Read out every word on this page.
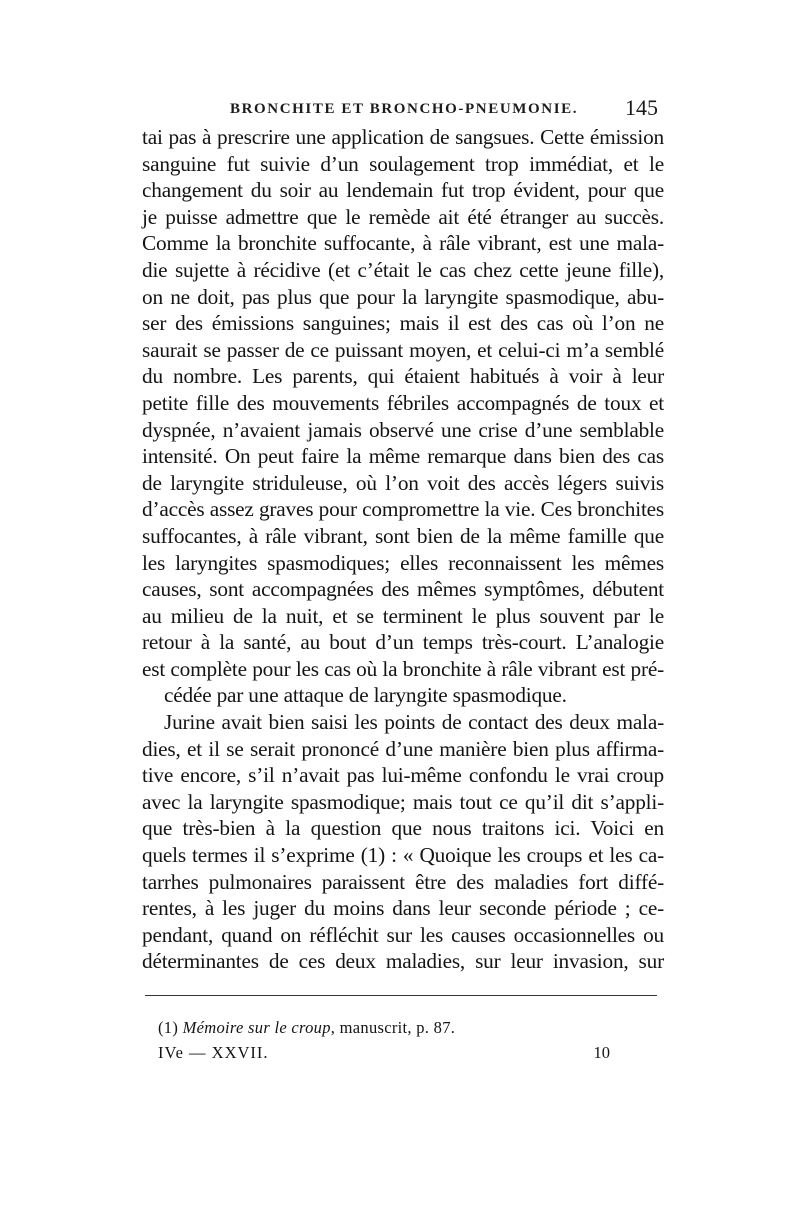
BRONCHITE ET BRONCHO-PNEUMONIE. 145
tai pas à prescrire une application de sangsues. Cette émission
sanguine fut suivie d’un soulagement trop immédiat, et le
changement du soir au lendemain fut trop évident, pour que
je puisse admettre que le remède ait été étranger au succès.
Comme la bronchite suffocante, à râle vibrant, est une mala-
die sujette à récidive (et c’était le cas chez cette jeune fille),
on ne doit, pas plus que pour la laryngite spasmodique, abu-
ser des émissions sanguines; mais il est des cas où l’on ne
saurait se passer de ce puissant moyen, et celui-ci m’a semblé
du nombre. Les parents, qui étaient habitués à voir à leur
petite fille des mouvements fébriles accompagnés de toux et
dyspnée, n’avaient jamais observé une crise d’une semblable
intensité. On peut faire la même remarque dans bien des cas
de laryngite striduleuse, où l’on voit des accès légers suivis
d’accès assez graves pour compromettre la vie. Ces bronchites
suffocantes, à râle vibrant, sont bien de la même famille que
les laryngites spasmodiques; elles reconnaissent les mêmes
causes, sont accompagnées des mêmes symptômes, débutent
au milieu de la nuit, et se terminent le plus souvent par le
retour à la santé, au bout d’un temps très-court. L’analogie
est complète pour les cas où la bronchite à râle vibrant est pré-
cédée par une attaque de laryngite spasmodique.
Jurine avait bien saisi les points de contact des deux mala-
dies, et il se serait prononcé d’une manière bien plus affirma-
tive encore, s’il n’avait pas lui-même confondu le vrai croup
avec la laryngite spasmodique; mais tout ce qu’il dit s’appli-
que très-bien à la question que nous traitons ici. Voici en
quels termes il s’exprime (1) : « Quoique les croups et les ca-
tarrhes pulmonaires paraissent être des maladies fort diffé-
rentes, à les juger du moins dans leur seconde période ; ce-
pendant, quand on réfléchit sur les causes occasionnelles ou
déterminantes de ces deux maladies, sur leur invasion, sur
(1) Mémoire sur le croup, manuscrit, p. 87.
IVe — XXVII.	10
